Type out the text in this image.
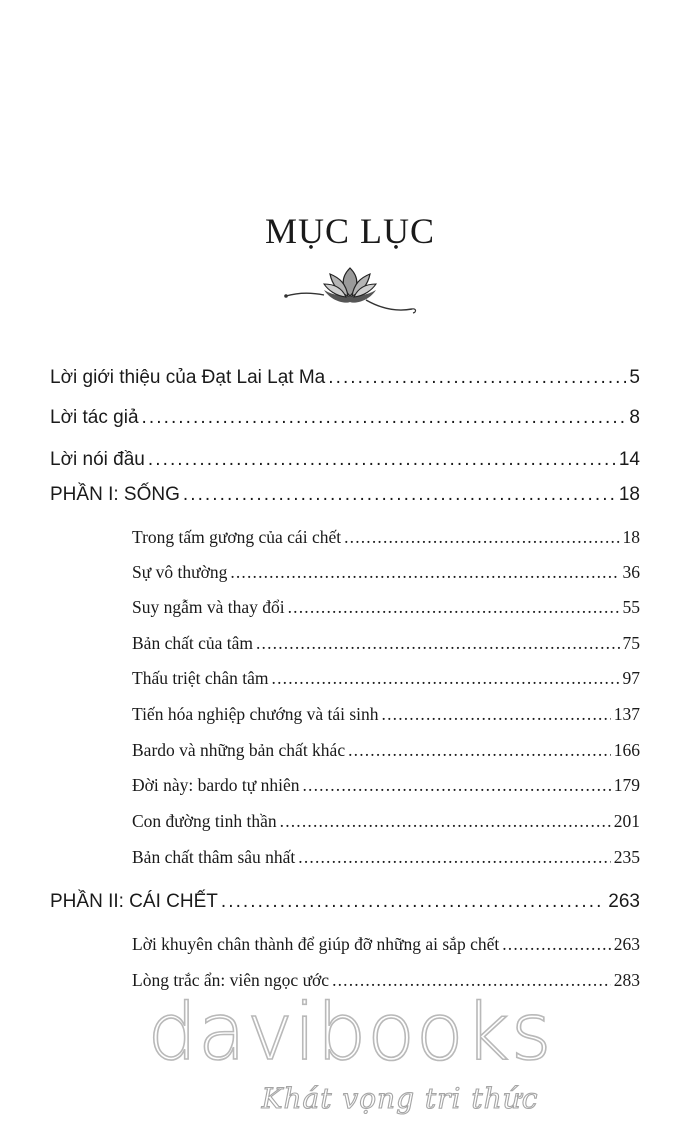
MỤC LỤC
Lời giới thiệu của Đạt Lai Lạt Ma . . .	5
Lời tác giả . . .	8
Lời nói đầu . . .	14
PHẦN I: SỐNG . . .	18
Trong tấm gương của cái chết . . .	18
Sự vô thường . . .	36
Suy ngẫm và thay đổi . . .	55
Bản chất của tâm . . .	75
Thấu triệt chân tâm . . .	97
Tiến hóa nghiệp chướng và tái sinh . . .	137
Bardo và những bản chất khác . . .	166
Đời này: bardo tự nhiên . . .	179
Con đường tinh thần . . .	201
Bản chất thâm sâu nhất . . .	235
PHẦN II: CÁI CHẾT . . .	263
Lời khuyên chân thành để giúp đỡ những ai sắp chết . . .	263
Lòng trắc ẩn: viên ngọc ước . . .	283
davibooks
Khát vọng tri thức
